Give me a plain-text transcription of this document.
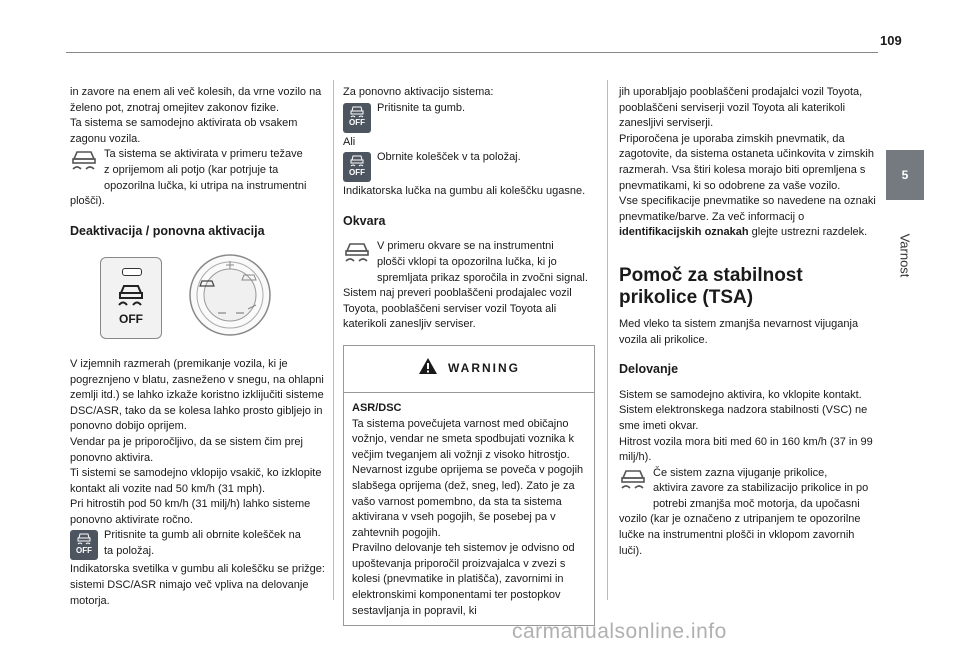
109
5
Varnost

in zavore na enem ali več kolesih, da vrne vozilo na želeno pot, znotraj omejitev zakonov fizike.

Ta sistema se samodejno aktivirata ob vsakem zagonu vozila.

Ta sistema se aktivirata v primeru težave

z oprijemom ali potjo (kar potrjuje ta opozorilna lučka, ki utripa na instrumentni plošči).

Deaktivacija / ponovna aktivacija
OFF

V izjemnih razmerah (premikanje vozila, ki je pogreznjeno v blatu, zasneženo v snegu, na ohlapni zemlji itd.) se lahko izkaže koristno izklijučiti sisteme DSC/ASR, tako da se kolesa lahko prosto gibljejo in ponovno dobijo oprijem.

Vendar pa je priporočljivo, da se sistem čim prej ponovno aktivira.

Ti sistemi se samodejno vklopijo vsakič, ko izklopite kontakt ali vozite nad 50 km/h (31 mph).

Pri hitrostih pod 50 km/h (31 milj/h) lahko sisteme ponovno aktivirate ročno.

OFF

Pritisnite ta gumb ali obrnite kolešček na

ta položaj.

Indikatorska svetilka v gumbu ali koleščku se prižge: sistemi DSC/ASR nimajo več vpliva na delovanje motorja.

Za ponovno aktivacijo sistema:

OFF

Pritisnite ta gumb.

Ali

OFF

Obrnite kolešček v ta položaj.

Indikatorska lučka na gumbu ali koleščku ugasne.

Okvara

V primeru okvare se na instrumentni

plošči vklopi ta opozorilna lučka, ki jo spremljata prikaz sporočila in zvočni signal.

Sistem naj preveri pooblaščeni prodajalec vozil Toyota, pooblaščeni serviser vozil Toyota ali katerikoli zanesljiv serviser.

WARNING

ASR/DSC

Ta sistema povečujeta varnost med običajno vožnjo, vendar ne smeta spodbujati voznika k večjim tveganjem ali vožnji z visoko hitrostjo.

Nevarnost izgube oprijema se poveča v pogojih slabšega oprijema (dež, sneg, led). Zato je za vašo varnost pomembno, da sta ta sistema aktivirana v vseh pogojih, še posebej pa v zahtevnih pogojih.

Pravilno delovanje teh sistemov je odvisno od upoštevanja priporočil proizvajalca v zvezi s kolesi (pnevmatike in platišča), zavornimi in elektronskimi komponentami ter postopkov sestavljanja in popravil, ki

jih uporabljajo pooblaščeni prodajalci vozil Toyota, pooblaščeni serviserji vozil Toyota ali katerikoli zanesljivi serviserji.

Priporočena je uporaba zimskih pnevmatik, da zagotovite, da sistema ostaneta učinkovita v zimskih razmerah. Vsa štiri kolesa morajo biti opremljena s pnevmatikami, ki so odobrene za vaše vozilo.

Vse specifikacije pnevmatike so navedene na oznaki pnevmatike/barve. Za več informacij o identifikacijskih oznakah glejte ustrezni razdelek.

Pomoč za stabilnost prikolice (TSA)

Med vleko ta sistem zmanjša nevarnost vijuganja vozila ali prikolice.

Delovanje

Sistem se samodejno aktivira, ko vklopite kontakt.

Sistem elektronskega nadzora stabilnosti (VSC) ne sme imeti okvar.

Hitrost vozila mora biti med 60 in 160 km/h (37 in 99 milj/h).

Če sistem zazna vijuganje prikolice,

aktivira zavore za stabilizacijo prikolice in po potrebi zmanjša moč motorja, da upočasni vozilo (kar je označeno z utripanjem te opozorilne lučke na instrumentni plošči in vklopom zavornih luči).

carmanualsonline.info
